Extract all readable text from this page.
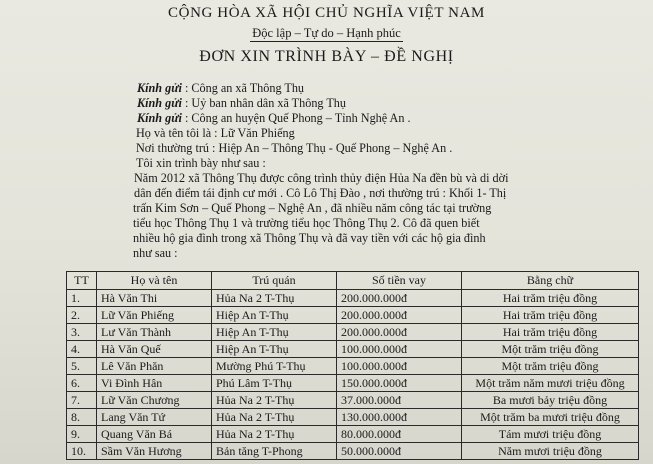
CỘNG HÒA XÃ HỘI CHỦ NGHĨA VIỆT NAM
Độc lập – Tự do – Hạnh phúc
ĐƠN XIN TRÌNH BÀY – ĐỀ NGHỊ
Kính gửi : Công an xã Thông Thụ
Kính gửi : Uỷ ban nhân dân xã Thông Thụ
Kính gửi : Công an huyện Quế Phong – Tỉnh Nghệ An .
Họ và tên tôi là : Lữ Văn Phiếng
Nơi thường trú : Hiệp An – Thông Thụ - Quế Phong – Nghệ An .
Tôi xin trình bày như sau :
Năm 2012 xã Thông Thụ được công trình thủy điện Hủa Na đền bù và di dời
dân đến điểm tái định cư mới . Cô Lô Thị Đào , nơi thường trú : Khối 1- Thị
trấn Kim Sơn – Quế Phong – Nghệ An , đã nhiều năm công tác tại trường
tiểu học Thông Thụ 1 và trường tiểu học Thông Thụ 2. Cô đã quen biết
nhiều hộ gia đình trong xã Thông Thụ và đã vay tiền với các hộ gia đình
như sau :
TT	Họ và tên	Trú quán	Số tiền vay	Bằng chữ
1.	Hà Văn Thi	Hủa Na 2 T-Thụ	200.000.000đ	Hai trăm triệu đồng
2.	Lữ Văn Phiếng	Hiệp An T-Thụ	200.000.000đ	Hai trăm triệu đồng
3.	Lư Văn Thành	Hiệp An T-Thụ	200.000.000đ	Hai trăm triệu đồng
4.	Hà Văn Quế	Hiệp An T-Thụ	100.000.000đ	Một trăm triệu đồng
5.	Lê Văn Phăn	Mường Phú T-Thụ	100.000.000đ	Một trăm triệu đồng
6.	Vi Đình Hân	Phú Lâm T-Thụ	150.000.000đ	Một trăm năm mươi triệu đồng
7.	Lữ Văn Chương	Hủa Na 2 T-Thụ	37.000.000đ	Ba mươi bảy triệu đồng
8.	Lang Văn Tứ	Hủa Na 2 T-Thụ	130.000.000đ	Một trăm ba mươi triệu đồng
9.	Quang Văn Bá	Hủa Na 2 T-Thụ	80.000.000đ	Tám mươi triệu đồng
10.	Sầm Văn Hương	Bản tăng T-Phong	50.000.000đ	Năm mươi triệu đồng
